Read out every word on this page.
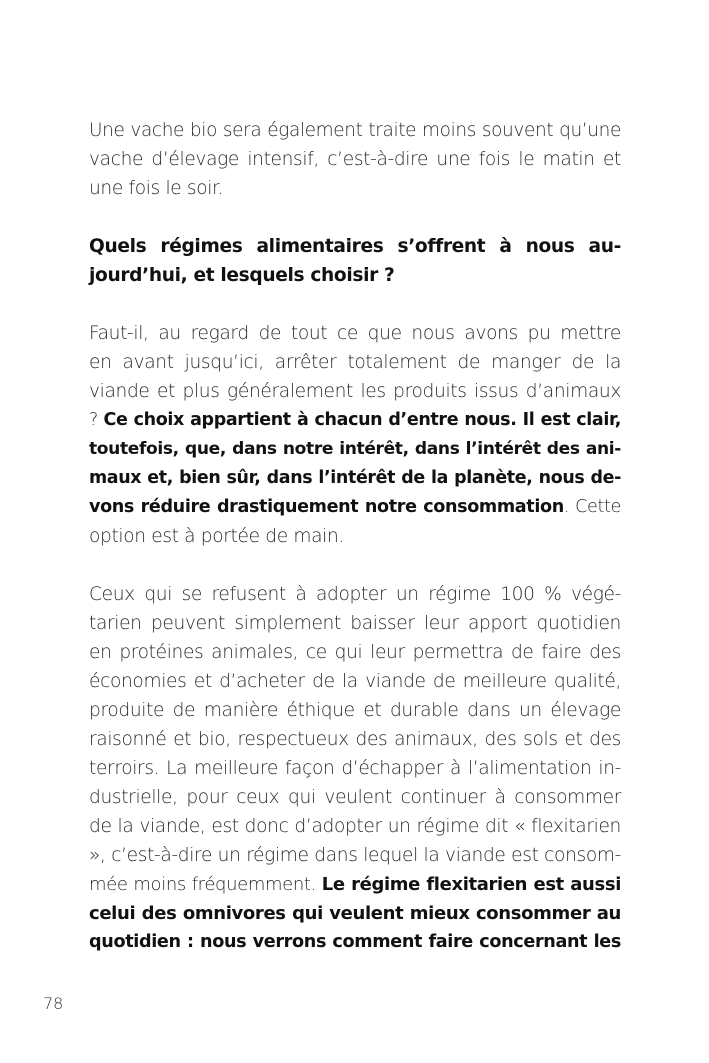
Une vache bio sera également traite moins souvent qu’une
vache d’élevage intensif, c’est-à-dire une fois le matin et
une fois le soir.
Quels régimes alimentaires s’offrent à nous au-
jourd’hui, et lesquels choisir ?
Faut-il, au regard de tout ce que nous avons pu mettre
en avant jusqu’ici, arrêter totalement de manger de la
viande et plus généralement les produits issus d’animaux
? Ce choix appartient à chacun d’entre nous. Il est clair,
toutefois, que, dans notre intérêt, dans l’intérêt des ani-
maux et, bien sûr, dans l’intérêt de la planète, nous de-
vons réduire drastiquement notre consommation. Cette
option est à portée de main.
Ceux qui se refusent à adopter un régime 100 % végé-
tarien peuvent simplement baisser leur apport quotidien
en protéines animales, ce qui leur permettra de faire des
économies et d’acheter de la viande de meilleure qualité,
produite de manière éthique et durable dans un élevage
raisonné et bio, respectueux des animaux, des sols et des
terroirs. La meilleure façon d’échapper à l’alimentation in-
dustrielle, pour ceux qui veulent continuer à consommer
de la viande, est donc d’adopter un régime dit « flexitarien
», c’est-à-dire un régime dans lequel la viande est consom-
mée moins fréquemment. Le régime flexitarien est aussi
celui des omnivores qui veulent mieux consommer au
quotidien : nous verrons comment faire concernant les
78
